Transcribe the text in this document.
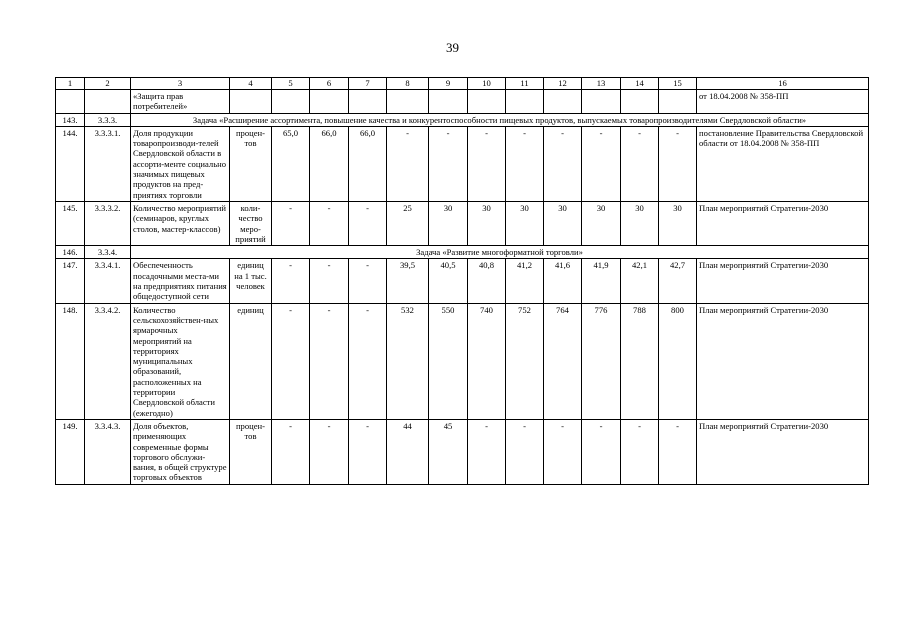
39
1	2	3	4	5	6	7	8	9	10	11	12	13	14	15	16
		«Защита прав потребителей»													от 18.04.2008 № 358-ПП
143.	3.3.3.	Задача «Расширение ассортимента, повышение качества и конкурентоспособности пищевых продуктов, выпускаемых товаропроизводителями Свердловской области»													
144.	3.3.3.1.	Доля продукции товаропроизводи-телей Свердловской области в ассорти-менте социально значимых пищевых продуктов на пред-приятиях торговли	процен-тов	65,0	66,0	66,0	-	-	-	-	-	-	-	-	постановление Правительства Свердловской области от 18.04.2008 № 358-ПП
145.	3.3.3.2.	Количество мероприятий (семинаров, круглых столов, мастер-классов)	коли-чество меро-приятий	-	-	-	25	30	30	30	30	30	30	30	План мероприятий Стратегии-2030
146.	3.3.4.	Задача «Развитие многоформатной торговли»													
147.	3.3.4.1.	Обеспеченность посадочными места-ми на предприятиях питания общедоступной сети	единиц на 1 тыс. человек	-	-	-	39,5	40,5	40,8	41,2	41,6	41,9	42,1	42,7	План мероприятий Стратегии-2030
148.	3.3.4.2.	Количество сельскохозяйствен-ных ярмарочных мероприятий на территориях муниципальных образований, расположенных на территории Свердловской области (ежегодно)	единиц	-	-	-	532	550	740	752	764	776	788	800	План мероприятий Стратегии-2030
149.	3.3.4.3.	Доля объектов, применяющих современные формы торгового обслужи-вания, в общей структуре торговых объектов	процен-тов	-	-	-	44	45	-	-	-	-	-	-	План мероприятий Стратегии-2030
